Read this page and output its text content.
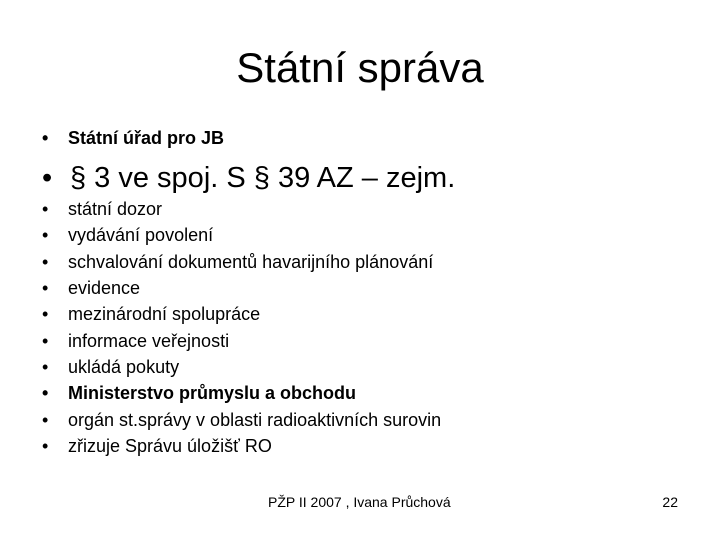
Státní správa
• Státní úřad pro JB
• § 3 ve spoj. S § 39 AZ – zejm.
• státní dozor
• vydávání povolení
• schvalování dokumentů havarijního plánování
• evidence
• mezinárodní spolupráce
• informace veřejnosti
• ukládá pokuty
• Ministerstvo průmyslu a obchodu
• orgán st.správy v oblasti radioaktivních surovin
• zřizuje Správu úložišť RO
PŽP II 2007 , Ivana Průchová	22
